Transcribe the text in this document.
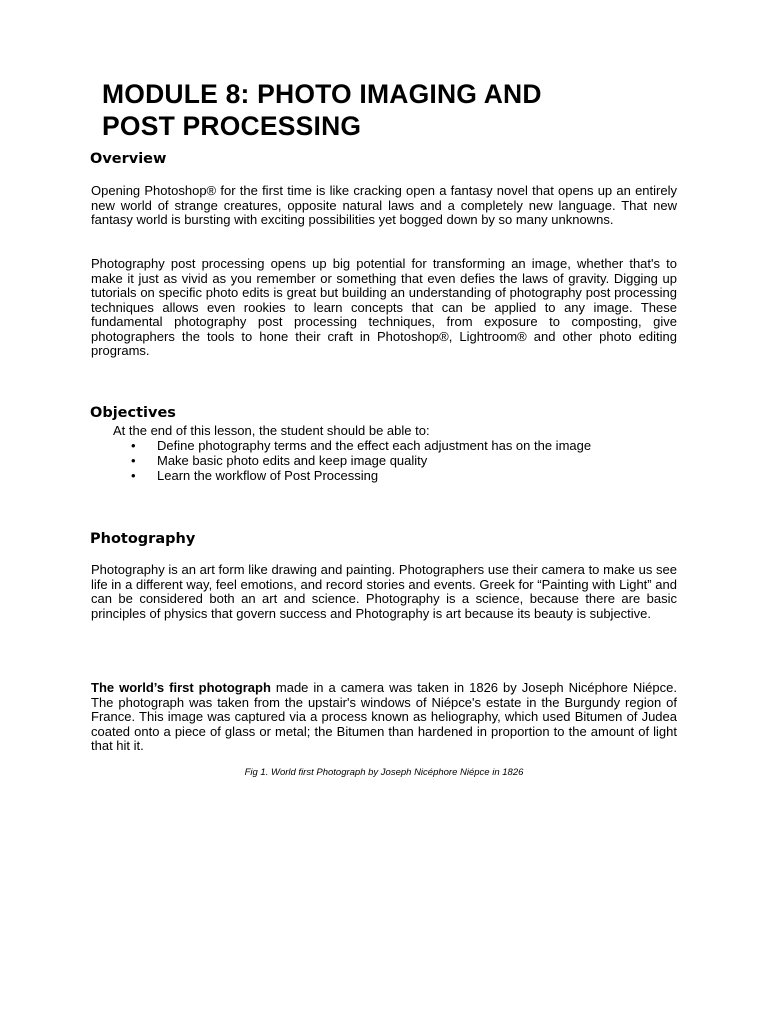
MODULE 8: PHOTO IMAGING AND
POST PROCESSING
Overview

Opening Photoshop® for the first time is like cracking open a fantasy novel that opens up an entirely new world of strange creatures, opposite natural laws and a completely new language. That new fantasy world is bursting with exciting possibilities yet bogged down by so many unknowns.

Photography post processing opens up big potential for transforming an image, whether that's to make it just as vivid as you remember or something that even defies the laws of gravity. Digging up tutorials on specific photo edits is great but building an understanding of photography post processing techniques allows even rookies to learn concepts that can be applied to any image. These fundamental photography post processing techniques, from exposure to composting, give photographers the tools to hone their craft in Photoshop®, Lightroom® and other photo editing programs.

Objectives

At the end of this lesson, the student should be able to:

• Define photography terms and the effect each adjustment has on the image
• Make basic photo edits and keep image quality
• Learn the workflow of Post Processing
Photography

Photography is an art form like drawing and painting. Photographers use their camera to make us see life in a different way, feel emotions, and record stories and events. Greek for “Painting with Light” and can be considered both an art and science. Photography is a science, because there are basic principles of physics that govern success and Photography is art because its beauty is subjective.

The world’s first photograph made in a camera was taken in 1826 by Joseph Nicéphore Niépce. The photograph was taken from the upstair's windows of Niépce's estate in the Burgundy region of France. This image was captured via a process known as heliography, which used Bitumen of Judea coated onto a piece of glass or metal; the Bitumen than hardened in proportion to the amount of light that hit it.

Fig 1. World first Photograph by Joseph Nicéphore Niépce in 1826
